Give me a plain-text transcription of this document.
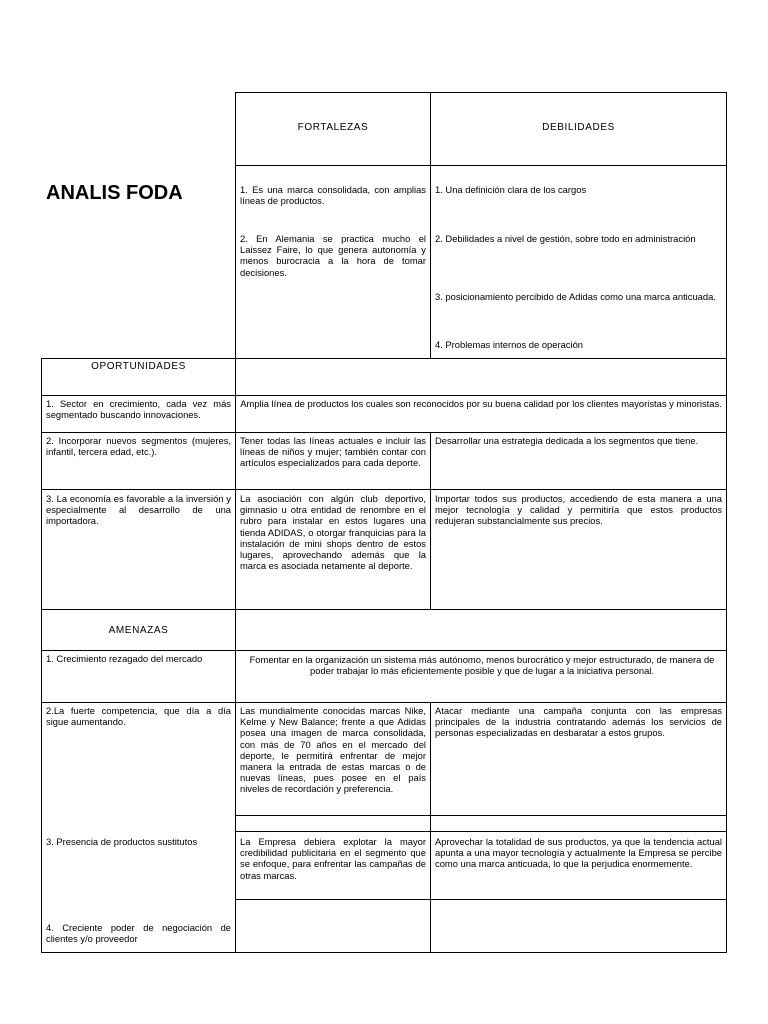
ANALIS FODA
FORTALEZAS	DEBILIDADES
OPORTUNIDADES
AMENAZAS
1. Es una marca consolidada, con amplias líneas de productos.
2. En Alemania se practica mucho el Laissez Faire, lo que genera autonomía y menos burocracia a la hora de tomar decisiones.
1. Una definición clara de los cargos
2. Debilidades a nivel de gestión, sobre todo en administración
3. posicionamiento percibido de Adidas como una marca anticuada.
4. Problemas internos de operación
1. Sector en crecimiento, cada vez más segmentado buscando innovaciones.
2. Incorporar nuevos segmentos (mujeres, infantil, tercera edad, etc.).
3. La economía es favorable a la inversión y especialmente al desarrollo de una importadora.
Amplia línea de productos los cuales son reconocidos por su buena calidad por los clientes mayoristas y minoristas.
Tener todas las líneas actuales e incluir las líneas de niños y mujer; también contar con artículos especializados para cada deporte.
La asociación con algún club deportivo, gimnasio u otra entidad de renombre en el rubro para instalar en estos lugares una tienda ADIDAS, o otorgar franquicias para la instalación de mini shops dentro de estos lugares, aprovechando además que la marca es asociada netamente al deporte.
Desarrollar una estrategia dedicada a los segmentos que tiene.
Importar todos sus productos, accediendo de esta manera a una mejor tecnología y calidad y permitiría que estos productos redujeran substancialmente sus precios.
1. Crecimiento rezagado del mercado
2.La fuerte competencia, que día a día sigue aumentando.
3. Presencia de productos sustitutos
4. Creciente poder de negociación de clientes y/o proveedor
Fomentar en la organización un sistema más autónomo, menos burocrático y mejor estructurado, de manera de poder trabajar lo más eficientemente posible y que de lugar a la iniciativa personal.
Las mundialmente conocidas marcas Nike, Kelme y New Balance; frente a que Adidas posea una imagen de marca consolidada, con más de 70 años en el mercado del deporte, le permitirá enfrentar de mejor manera la entrada de estas marcas o de nuevas líneas, pues posee en el país niveles de recordación y preferencia.
La Empresa debiera explotar la mayor credibilidad publicitaria en el segmento que se enfoque, para enfrentar las campañas de otras marcas.
Atacar mediante una campaña conjunta con las empresas principales de la industria contratando además los servicios de personas especializadas en desbaratar a estos grupos.
Aprovechar la totalidad de sus productos, ya que la tendencia actual apunta a una mayor tecnología y actualmente la Empresa se percibe como una marca anticuada, lo que la perjudica enormemente.
